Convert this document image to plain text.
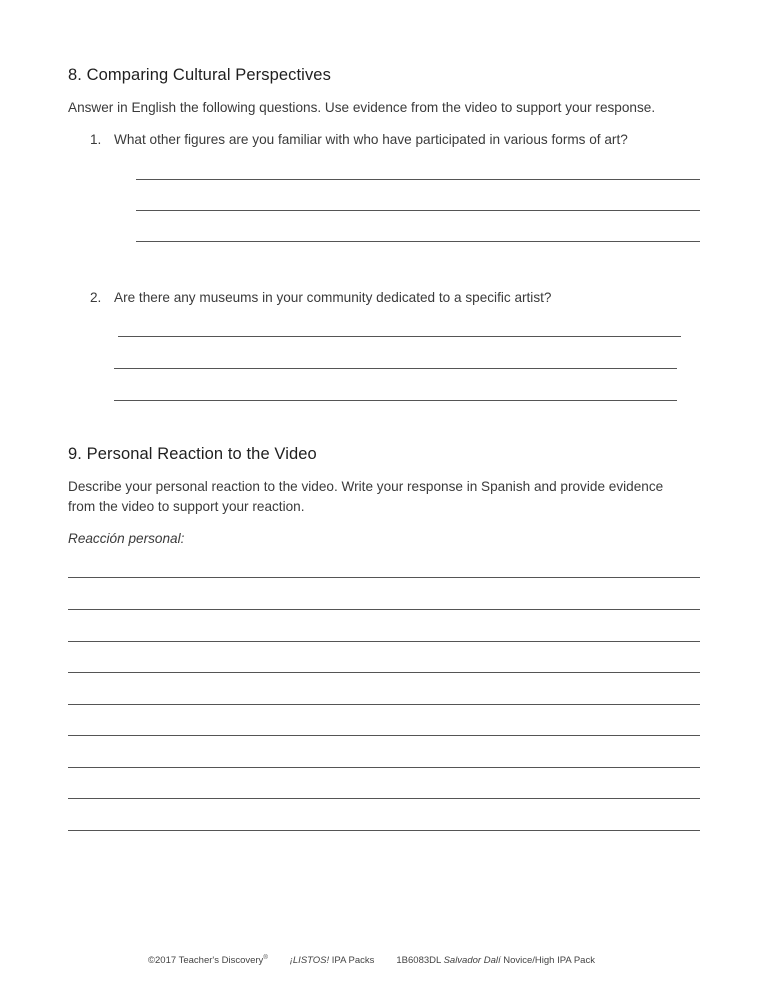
8. Comparing Cultural Perspectives
Answer in English the following questions. Use evidence from the video to support your response.
1. What other figures are you familiar with who have participated in various forms of art?
2. Are there any museums in your community dedicated to a specific artist?
9. Personal Reaction to the Video
Describe your personal reaction to the video. Write your response in Spanish and provide evidence
from the video to support your reaction.
Reacción personal:
©2017 Teacher's Discovery® ¡LISTOS! IPA Packs 1B6083DL Salvador Dalí Novice/High IPA Pack
